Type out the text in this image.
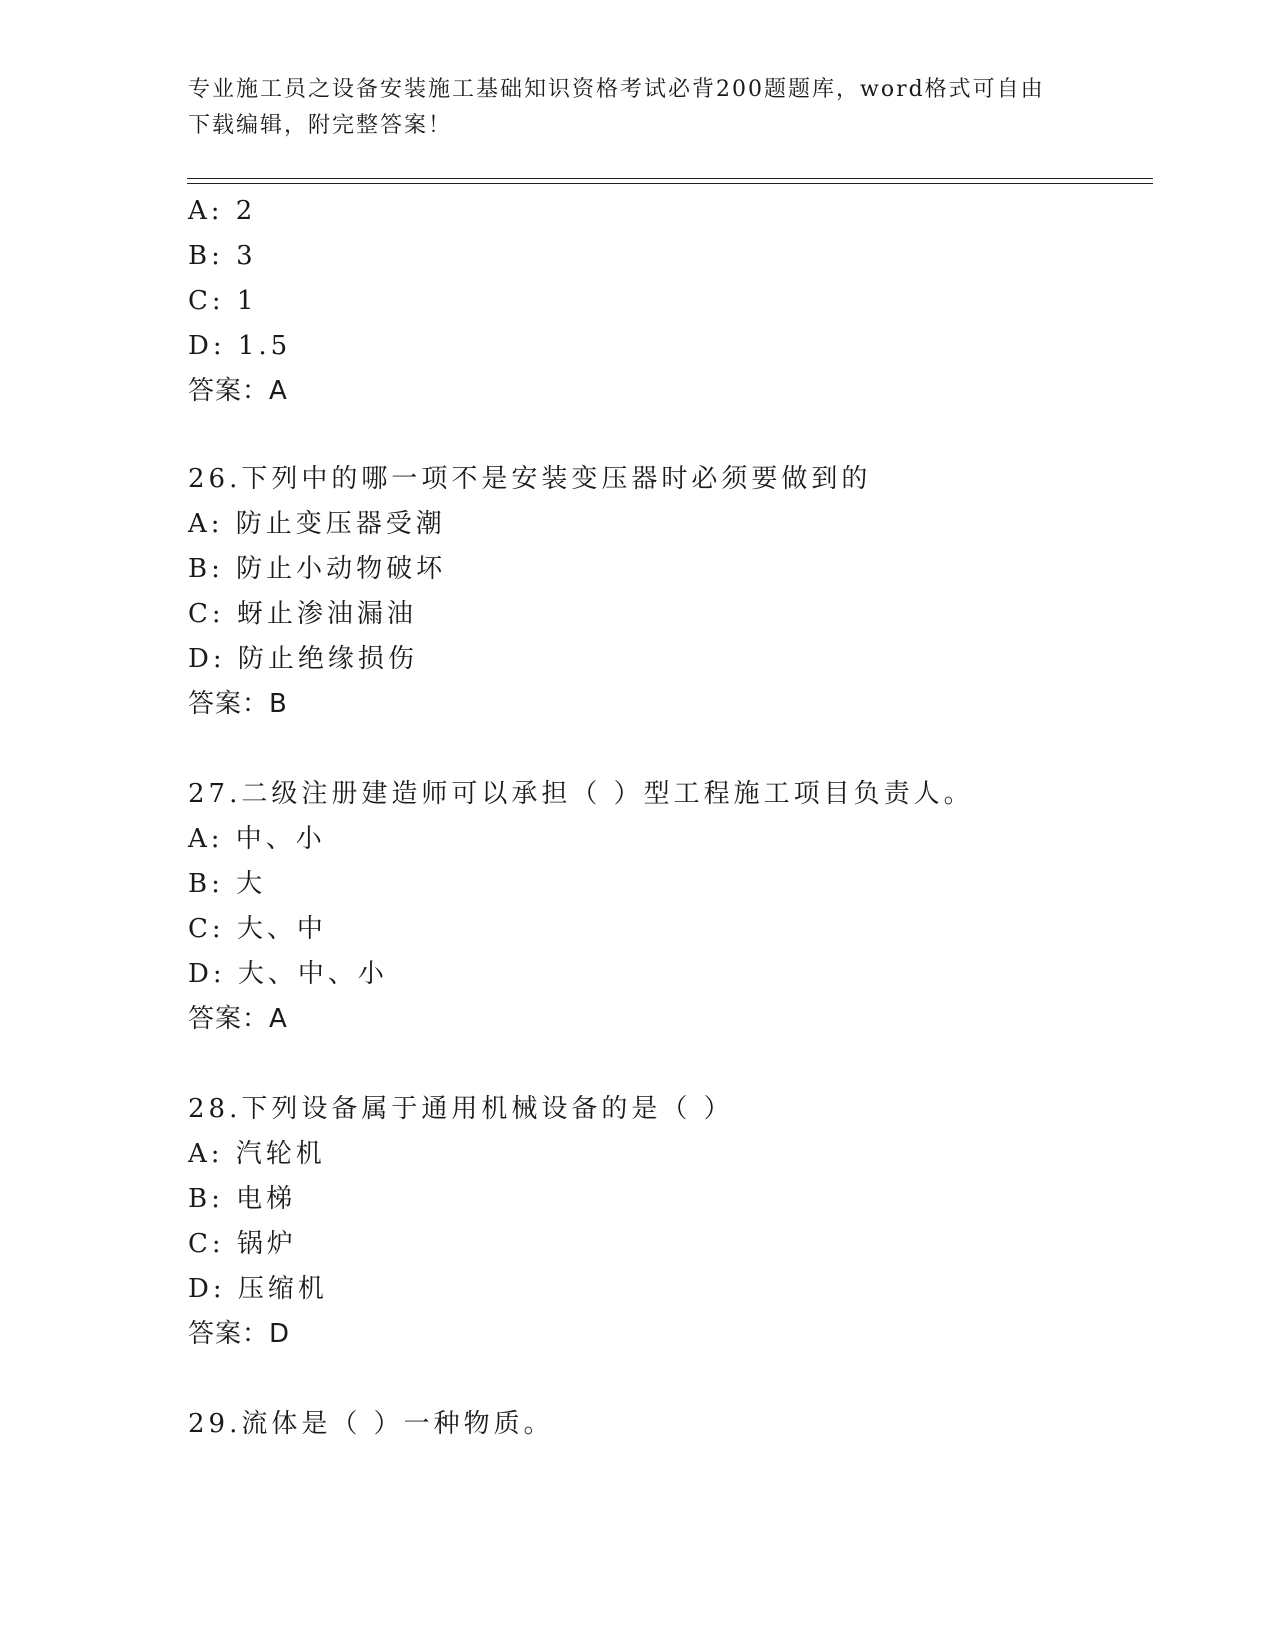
专业施工员之设备安装施工基础知识资格考试必背200题题库，word格式可自由下载编辑，附完整答案！
A: 2
B: 3
C: 1
D: 1.5
答案：A
26.下列中的哪一项不是安装变压器时必须要做到的
A: 防止变压器受潮
B: 防止小动物破坏
C: 蚜止渗油漏油
D: 防止绝缘损伤
答案：B
27.二级注册建造师可以承担（ ）型工程施工项目负责人。
A: 中、小
B: 大
C: 大、中
D: 大、中、小
答案：A
28.下列设备属于通用机械设备的是（ ）
A: 汽轮机
B: 电梯
C: 锅炉
D: 压缩机
答案：D
29.流体是（ ）一种物质。
